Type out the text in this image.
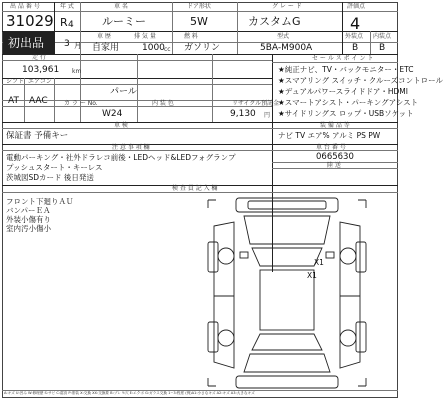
出 品 番 号	年 式	車 名	ドア形状	グ レ ー ド	評価点
31029 R 4	ルーミー	5W	カスタムG	4
初出品 3 月
車 歴	排 気 量	燃 料	型式	外装点 内装点
自家用	1000 cc ガソリン	5BA-M900A	B B
走 行
103,961 km
シフト エアコン
AT AAC
パール
カ ラ ー No.	内 装 色	リサイクル預託金
W24	9,130 円
車 検
保証書 予備キー
セ ー ル ス ポ イ ン ト
★純正ナビ、TV・バックモニター・ETC
★スマアリング スイッチ・クルーズコントロール
★デュアルパワースライドドア・HDMI
★スマートアシスト・パーキングアシスト
★サイドリングス ロップ・USBソケット
装 備 品 等
ナビ TV エア% アルミ PS PW
注 意 事 項 欄
電動パーキング・社外ドラレコ前後・LEDヘッド&LEDフォグランプ
プッシュスタート・キーレス
茨城図SDカード 後日発送
車 台 番 号
0665630
陸 送
検 査 員 記 入 欄
フロント下廻りＡＵ
バンパーＥＡ
外装小傷有り
室内汚小傷小
X1
X1
A:キズ U:凹み W:修理歴 S:サビ C:腐食 P:塗装 X:交換 XX:交換要 B:ブレ Y:穴 E:エクボ G:ガラス交換 1~3:程度 (例)A1:小さなキズ A2:キズ A3:大きなキズ
